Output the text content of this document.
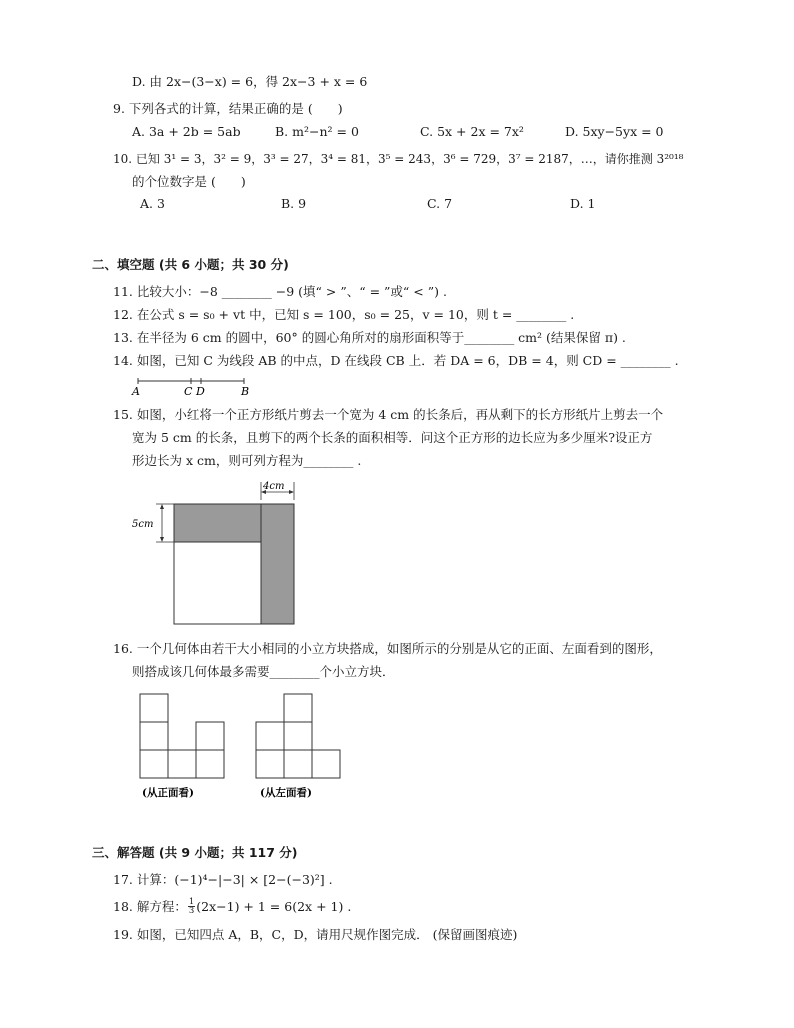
D. 由 2x−(3−x) = 6，得 2x−3 + x = 6
9. 下列各式的计算，结果正确的是 (　　)
A. 3a + 2b = 5ab	B. m²−n² = 0	C. 5x + 2x = 7x²	D. 5xy−5yx = 0
10. 已知 3¹ = 3，3² = 9，3³ = 27，3⁴ = 81，3⁵ = 243，3⁶ = 729，3⁷ = 2187，…，请你推测 3²⁰¹⁸
的个位数字是 (　　)
A. 3	B. 9	C. 7	D. 1
二、填空题 (共 6 小题；共 30 分)
11. 比较大小：−8 ________ −9 (填“ > ”、“ = ”或“ < ”) .
12. 在公式 s = s₀ + vt 中，已知 s = 100，s₀ = 25，v = 10，则 t = ________ .
13. 在半径为 6 cm 的圆中，60° 的圆心角所对的扇形面积等于________ cm² (结果保留 π) .
14. 如图，已知 C 为线段 AB 的中点，D 在线段 CB 上．若 DA = 6，DB = 4，则 CD = ________ .
A	C D	B
15. 如图，小红将一个正方形纸片剪去一个宽为 4 cm 的长条后，再从剩下的长方形纸片上剪去一个
宽为 5 cm 的长条，且剪下的两个长条的面积相等．问这个正方形的边长应为多少厘米?设正方
形边长为 x cm，则可列方程为________ .
4cm
5cm
16. 一个几何体由若干大小相同的小立方块搭成，如图所示的分别是从它的正面、左面看到的图形，
则搭成该几何体最多需要________个小立方块．
(从正面看)	(从左面看)
三、解答题 (共 9 小题；共 117 分)
17. 计算：(−1)⁴−|−3| × [2−(−3)²] .
18. 解方程： $\frac{1}{3} (2x-1) + 1 = 6(2x + 1)$ .
19. 如图，已知四点 A，B，C，D，请用尺规作图完成． (保留画图痕迹)
